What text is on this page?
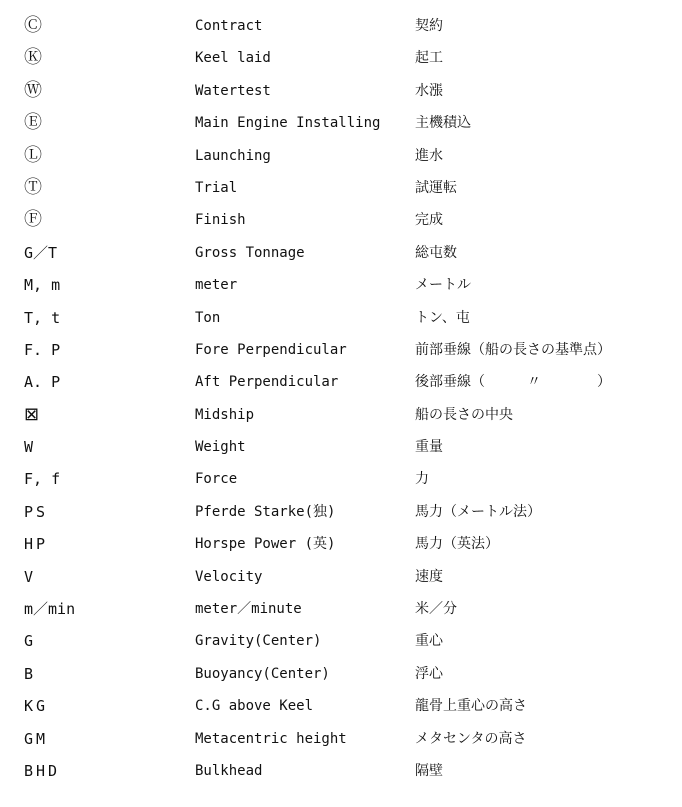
Ⓒ	Contract	契約
Ⓚ	Keel laid	起工
Ⓦ	Watertest	水漲
Ⓔ	Main Engine Installing 主機積込
Ⓛ	Launching	進水
Ⓣ	Trial	試運転
Ⓕ	Finish	完成
G／T	Gross Tonnage	総屯数
M, m	meter	メートル
T, t	Ton	トン、屯
F. P	Fore Perpendicular	前部垂線（船の長さの基準点）
A. P	Aft Perpendicular	後部垂線（　　　〃　　　　）
⊠	Midship	船の長さの中央
W	Weight	重量
F, f	Force	力
PS	Pferde Starke(独)	馬力（メートル法）
HP	Horspe Power (英)	馬力（英法）
V	Velocity	速度
m／min	meter／minute	米／分
G	Gravity(Center)	重心
B	Buoyancy(Center)	浮心
KG	C.G above Keel	龍骨上重心の高さ
GM	Metacentric height	メタセンタの高さ
BHD	Bulkhead	隔壁
